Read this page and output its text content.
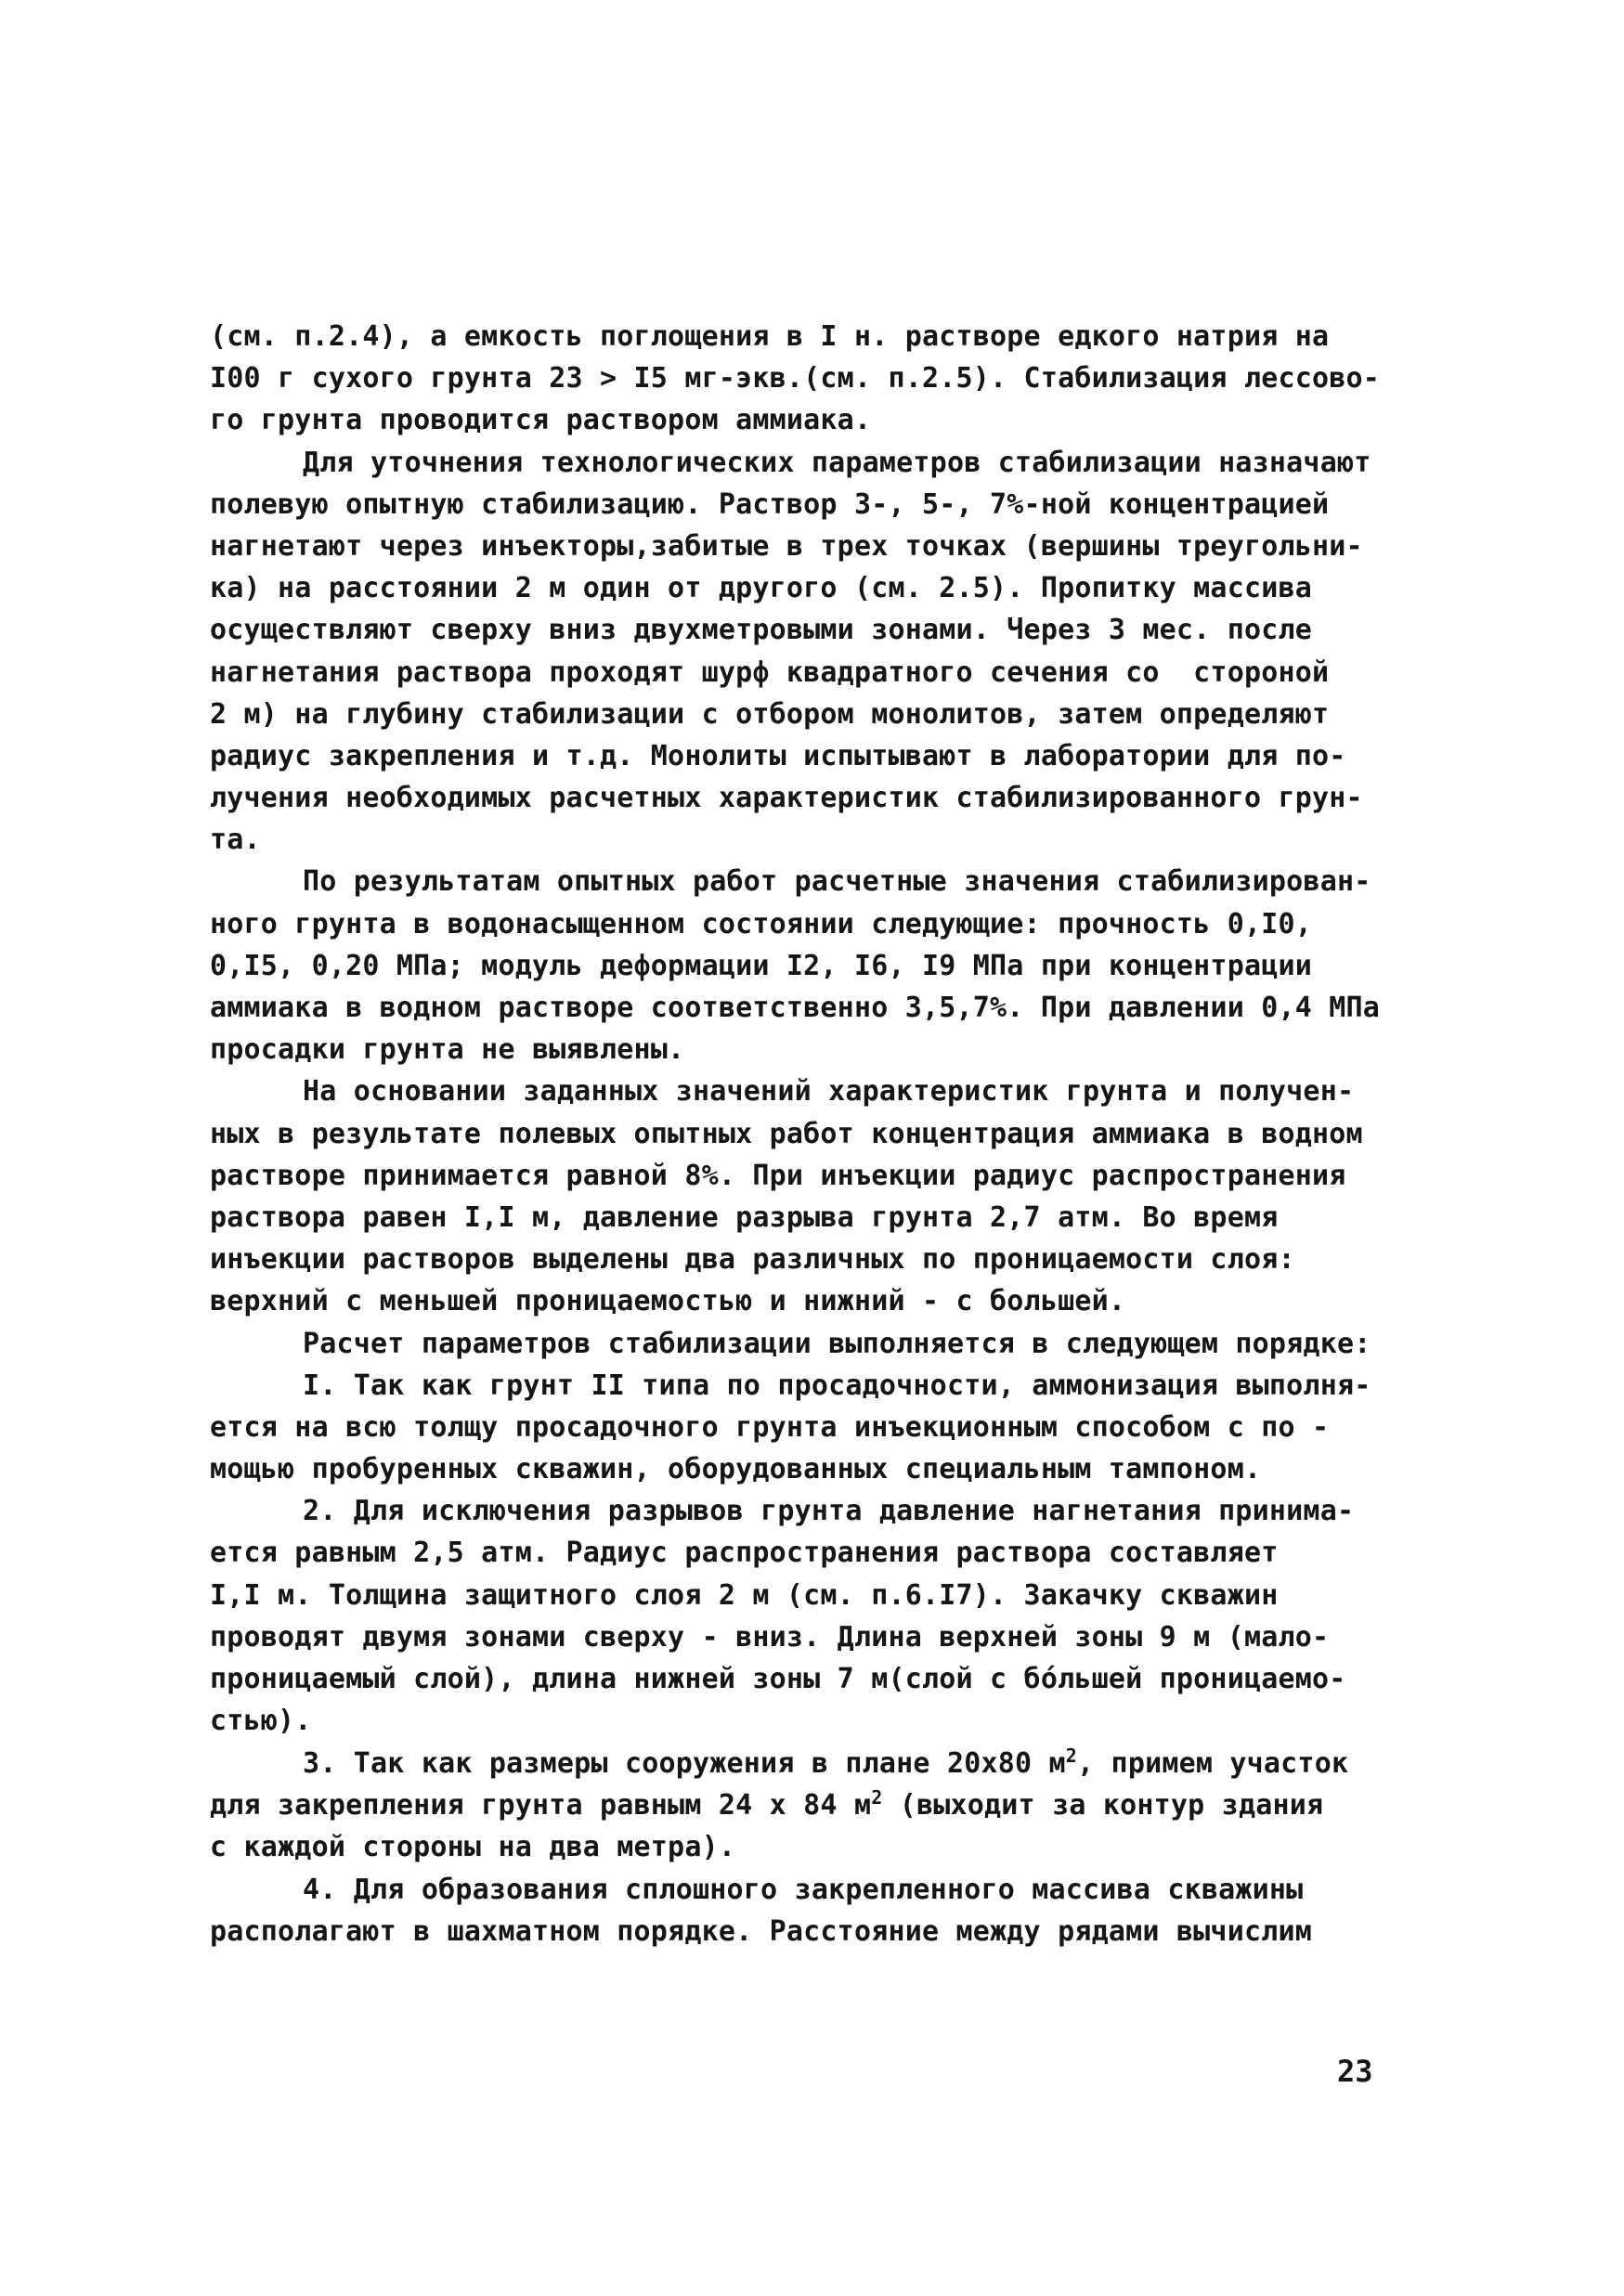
(см. п.2.4), а емкость поглощения в I н. растворе едкого натрия на
I00 г сухого грунта 23 > I5 мг-экв.(см. п.2.5). Стабилизация лессово-
го грунта проводится раствором аммиака.
Для уточнения технологических параметров стабилизации назначают
полевую опытную стабилизацию. Раствор 3-, 5-, 7%-ной концентрацией
нагнетают через инъекторы,забитые в трех точках (вершины треугольни-
ка) на расстоянии 2 м один от другого (см. 2.5). Пропитку массива
осуществляют сверху вниз двухметровыми зонами. Через 3 мес. после
нагнетания раствора проходят шурф квадратного сечения со  стороной
2 м) на глубину стабилизации с отбором монолитов, затем определяют
радиус закрепления и т.д. Монолиты испытывают в лаборатории для по-
лучения необходимых расчетных характеристик стабилизированного грун-
та.
По результатам опытных работ расчетные значения стабилизирован-
ного грунта в водонасыщенном состоянии следующие: прочность 0,I0,
0,I5, 0,20 МПа; модуль деформации I2, I6, I9 МПа при концентрации
аммиака в водном растворе соответственно 3,5,7%. При давлении 0,4 МПа
просадки грунта не выявлены.
На основании заданных значений характеристик грунта и получен-
ных в результате полевых опытных работ концентрация аммиака в водном
растворе принимается равной 8%. При инъекции радиус распространения
раствора равен I,I м, давление разрыва грунта 2,7 атм. Во время
инъекции растворов выделены два различных по проницаемости слоя:
верхний с меньшей проницаемостью и нижний - с большей.
Расчет параметров стабилизации выполняется в следующем порядке:
I. Так как грунт II типа по просадочности, аммонизация выполня-
ется на всю толщу просадочного грунта инъекционным способом с по -
мощью пробуренных скважин, оборудованных специальным тампоном.
2. Для исключения разрывов грунта давление нагнетания принима-
ется равным 2,5 атм. Радиус распространения раствора составляет
I,I м. Толщина защитного слоя 2 м (см. п.6.I7). Закачку скважин
проводят двумя зонами сверху - вниз. Длина верхней зоны 9 м (мало-
проницаемый слой), длина нижней зоны 7 м(слой с бóльшей проницаемо-
стью).
3. Так как размеры сооружения в плане 20х80 $м^2$, примем участок
для закрепления грунта равным 24 х 84 $м^2$ (выходит за контур здания
с каждой стороны на два метра).
4. Для образования сплошного закрепленного массива скважины
располагают в шахматном порядке. Расстояние между рядами вычислим
23
